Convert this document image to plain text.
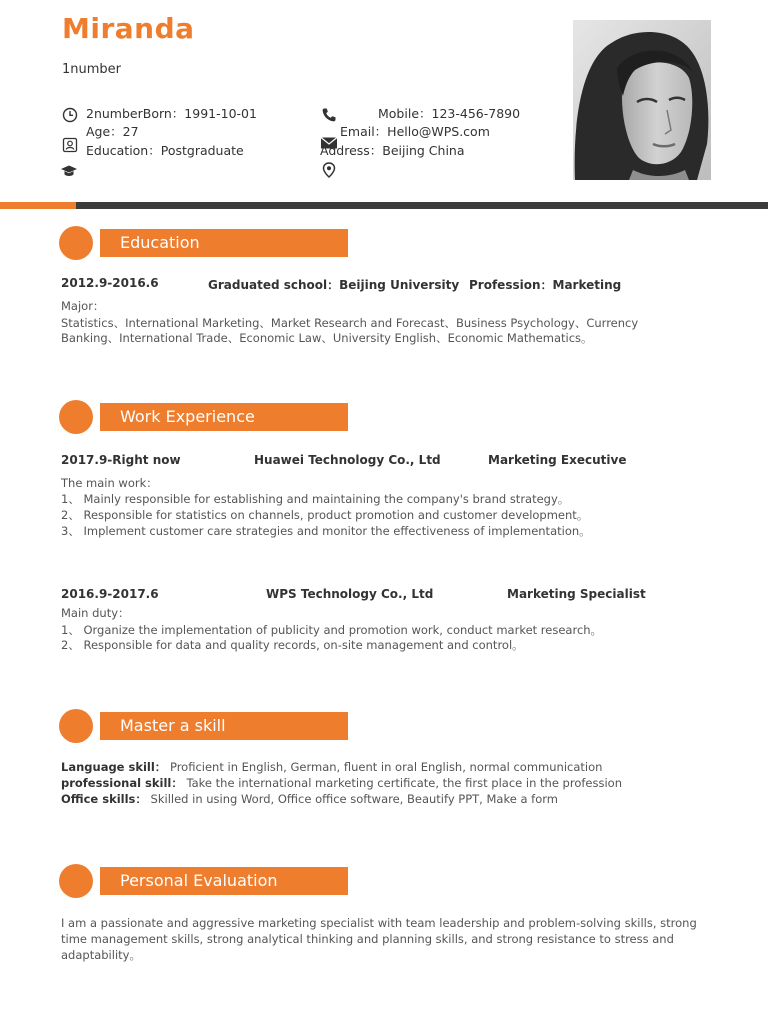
Miranda
1number
2numberBorn：1991-10-01
Age：27
Education：Postgraduate
Mobile：123-456-7890
Email：Hello@WPS.com
Address：Beijing China
Education
2012.9-2016.6	Graduated school：Beijing University Profession：Marketing
Major：
Statistics、International Marketing、Market Research and Forecast、Business Psychology、Currency
Banking、International Trade、Economic Law、University English、Economic Mathematics。
Work Experience
2017.9-Right now	Huawei Technology Co., Ltd	Marketing Executive
The main work：
1、 Mainly responsible for establishing and maintaining the company's brand strategy。
2、 Responsible for statistics on channels, product promotion and customer development。
3、 Implement customer care strategies and monitor the effectiveness of implementation。
2016.9-2017.6	WPS Technology Co., Ltd	Marketing Specialist
Main duty：
1、 Organize the implementation of publicity and promotion work, conduct market research。
2、 Responsible for data and quality records, on-site management and control。
Master a skill
Language skill： Proficient in English, German, fluent in oral English, normal communication
professional skill： Take the international marketing certificate, the first place in the profession
Office skills： Skilled in using Word, Office office software, Beautify PPT, Make a form
Personal Evaluation
I am a passionate and aggressive marketing specialist with team leadership and problem-solving skills, strong time management skills, strong analytical thinking and planning skills, and strong resistance to stress and adaptability。
